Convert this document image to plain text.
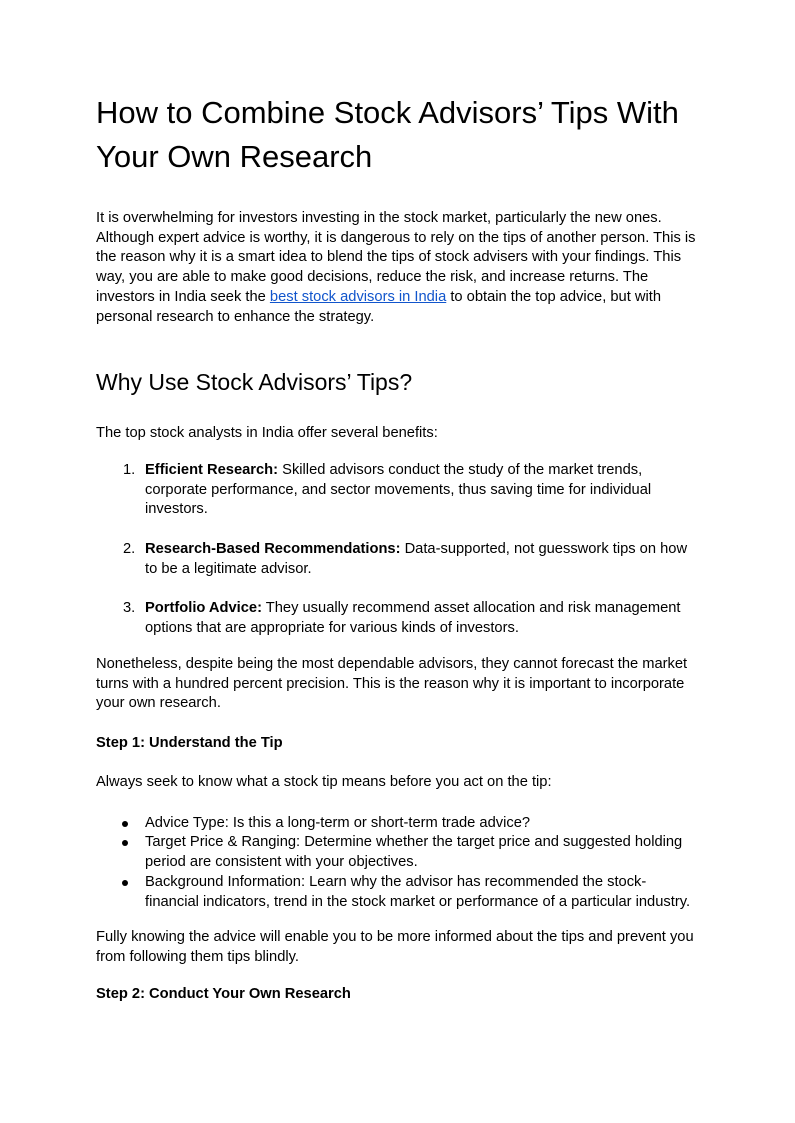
How to Combine Stock Advisors’ Tips With Your Own Research

It is overwhelming for investors investing in the stock market, particularly the new ones. Although expert advice is worthy, it is dangerous to rely on the tips of another person. This is the reason why it is a smart idea to blend the tips of stock advisers with your findings. This way, you are able to make good decisions, reduce the risk, and increase returns. The investors in India seek the best stock advisors in India to obtain the top advice, but with personal research to enhance the strategy.

Why Use Stock Advisors’ Tips?

The top stock analysts in India offer several benefits:

1. Efficient Research: Skilled advisors conduct the study of the market trends, corporate performance, and sector movements, thus saving time for individual investors.
2. Research-Based Recommendations: Data-supported, not guesswork tips on how to be a legitimate advisor.
3. Portfolio Advice: They usually recommend asset allocation and risk management options that are appropriate for various kinds of investors.

Nonetheless, despite being the most dependable advisors, they cannot forecast the market turns with a hundred percent precision. This is the reason why it is important to incorporate your own research.

Step 1: Understand the Tip

Always seek to know what a stock tip means before you act on the tip:

Advice Type: Is this a long-term or short-term trade advice?
Target Price & Ranging: Determine whether the target price and suggested holding period are consistent with your objectives.
Background Information: Learn why the advisor has recommended the stock-financial indicators, trend in the stock market or performance of a particular industry.

Fully knowing the advice will enable you to be more informed about the tips and prevent you from following them tips blindly.

Step 2: Conduct Your Own Research
